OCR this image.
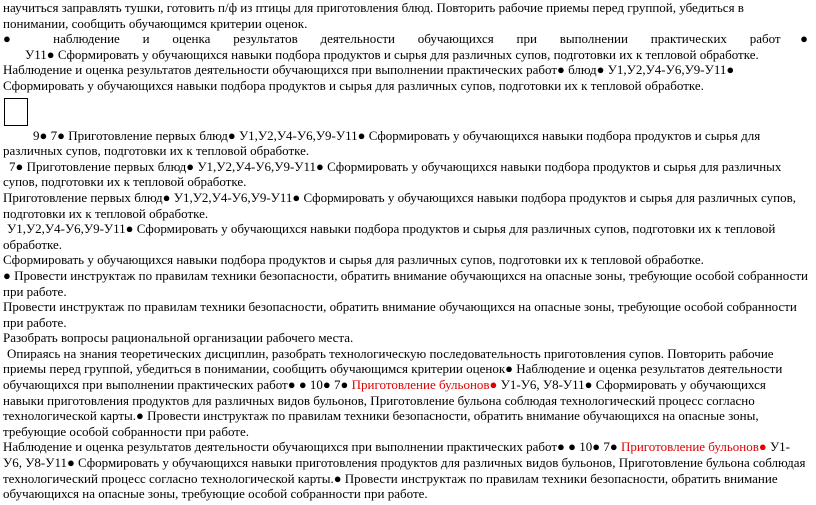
научиться заправлять тушки, готовить п/ф из птицы для приготовления блюд. Повторить рабочие приемы перед группой, убедиться в понимании, сообщить обучающимся критерии оценок.

● наблюдение и оценка результатов деятельности обучающихся при выполнении практических работ●

У11● Сформировать у обучающихся навыки подбора продуктов и сырья для различных супов, подготовки их к тепловой обработке.

Наблюдение и оценка результатов деятельности обучающихся при выполнении практических работ● блюд● У1,У2,У4-У6,У9-У11● Сформировать у обучающихся навыки подбора продуктов и сырья для различных супов, подготовки их к тепловой обработке.

9● 7● Приготовление первых блюд● У1,У2,У4-У6,У9-У11● Сформировать у обучающихся навыки подбора продуктов и сырья для различных супов, подготовки их к тепловой обработке.

7● Приготовление первых блюд● У1,У2,У4-У6,У9-У11● Сформировать у обучающихся навыки подбора продуктов и сырья для различных супов, подготовки их к тепловой обработке.

Приготовление первых блюд● У1,У2,У4-У6,У9-У11● Сформировать у обучающихся навыки подбора продуктов и сырья для различных супов, подготовки их к тепловой обработке.

У1,У2,У4-У6,У9-У11● Сформировать у обучающихся навыки подбора продуктов и сырья для различных супов, подготовки их к тепловой обработке.

Сформировать у обучающихся навыки подбора продуктов и сырья для различных супов, подготовки их к тепловой обработке.

● Провести инструктаж по правилам техники безопасности, обратить внимание обучающихся на опасные зоны, требующие особой собранности при работе.

Провести инструктаж по правилам техники безопасности, обратить внимание обучающихся на опасные зоны, требующие особой собранности при работе.

Разобрать вопросы рациональной организации рабочего места.

Опираясь на знания теоретических дисциплин, разобрать технологическую последовательность приготовления супов. Повторить рабочие приемы перед группой, убедиться в понимании, сообщить обучающимся критерии оценок● Наблюдение и оценка результатов деятельности обучающихся при выполнении практических работ● ● 10● 7● Приготовление бульонов● У1-У6, У8-У11● Сформировать у обучающихся навыки приготовления продуктов для различных видов бульонов, Приготовление бульона соблюдая технологический процесс согласно технологической карты.● Провести инструктаж по правилам техники безопасности, обратить внимание обучающихся на опасные зоны, требующие особой собранности при работе.

Наблюдение и оценка результатов деятельности обучающихся при выполнении практических работ● ● 10● 7● Приготовление бульонов● У1-У6, У8-У11● Сформировать у обучающихся навыки приготовления продуктов для различных видов бульонов, Приготовление бульона соблюдая технологический процесс согласно технологической карты.● Провести инструктаж по правилам техники безопасности, обратить внимание обучающихся на опасные зоны, требующие особой собранности при работе.
